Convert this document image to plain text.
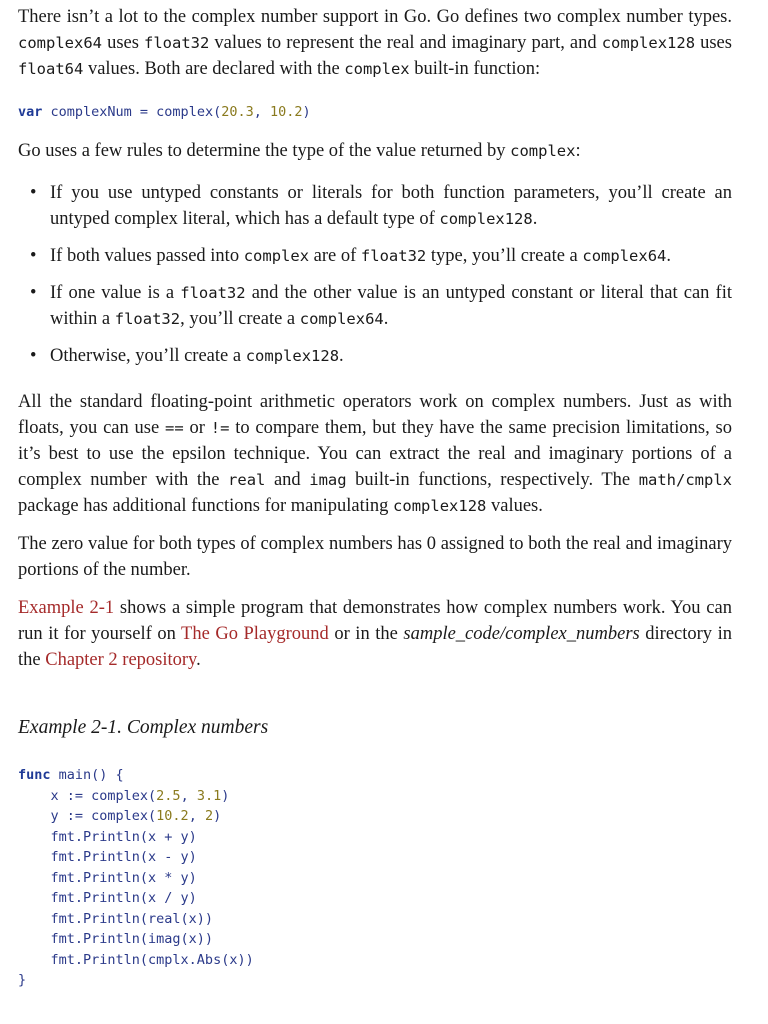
There isn’t a lot to the complex number support in Go. Go defines two complex number types. complex64 uses float32 values to represent the real and imaginary part, and complex128 uses float64 values. Both are declared with the complex built-in function:

var complexNum = complex(20.3, 10.2)

Go uses a few rules to determine the type of the value returned by complex:

• If you use untyped constants or literals for both function parameters, you’ll create an untyped complex literal, which has a default type of complex128.
• If both values passed into complex are of float32 type, you’ll create a complex64.
• If one value is a float32 and the other value is an untyped constant or literal that can fit within a float32, you’ll create a complex64.
• Otherwise, you’ll create a complex128.

All the standard floating-point arithmetic operators work on complex numbers. Just as with floats, you can use == or != to compare them, but they have the same precision limitations, so it’s best to use the epsilon technique. You can extract the real and imaginary portions of a complex number with the real and imag built-in functions, respectively. The math/cmplx package has additional functions for manipulating complex128 values.

The zero value for both types of complex numbers has 0 assigned to both the real and imaginary portions of the number.

Example 2-1 shows a simple program that demonstrates how complex numbers work. You can run it for yourself on The Go Playground or in the sample_code/complex_numbers directory in the Chapter 2 repository.

Example 2-1. Complex numbers
func main() {
x := complex(2.5, 3.1)
y := complex(10.2, 2)
fmt.Println(x + y)
fmt.Println(x - y)
fmt.Println(x * y)
fmt.Println(x / y)
fmt.Println(real(x))
fmt.Println(imag(x))
fmt.Println(cmplx.Abs(x))
}
